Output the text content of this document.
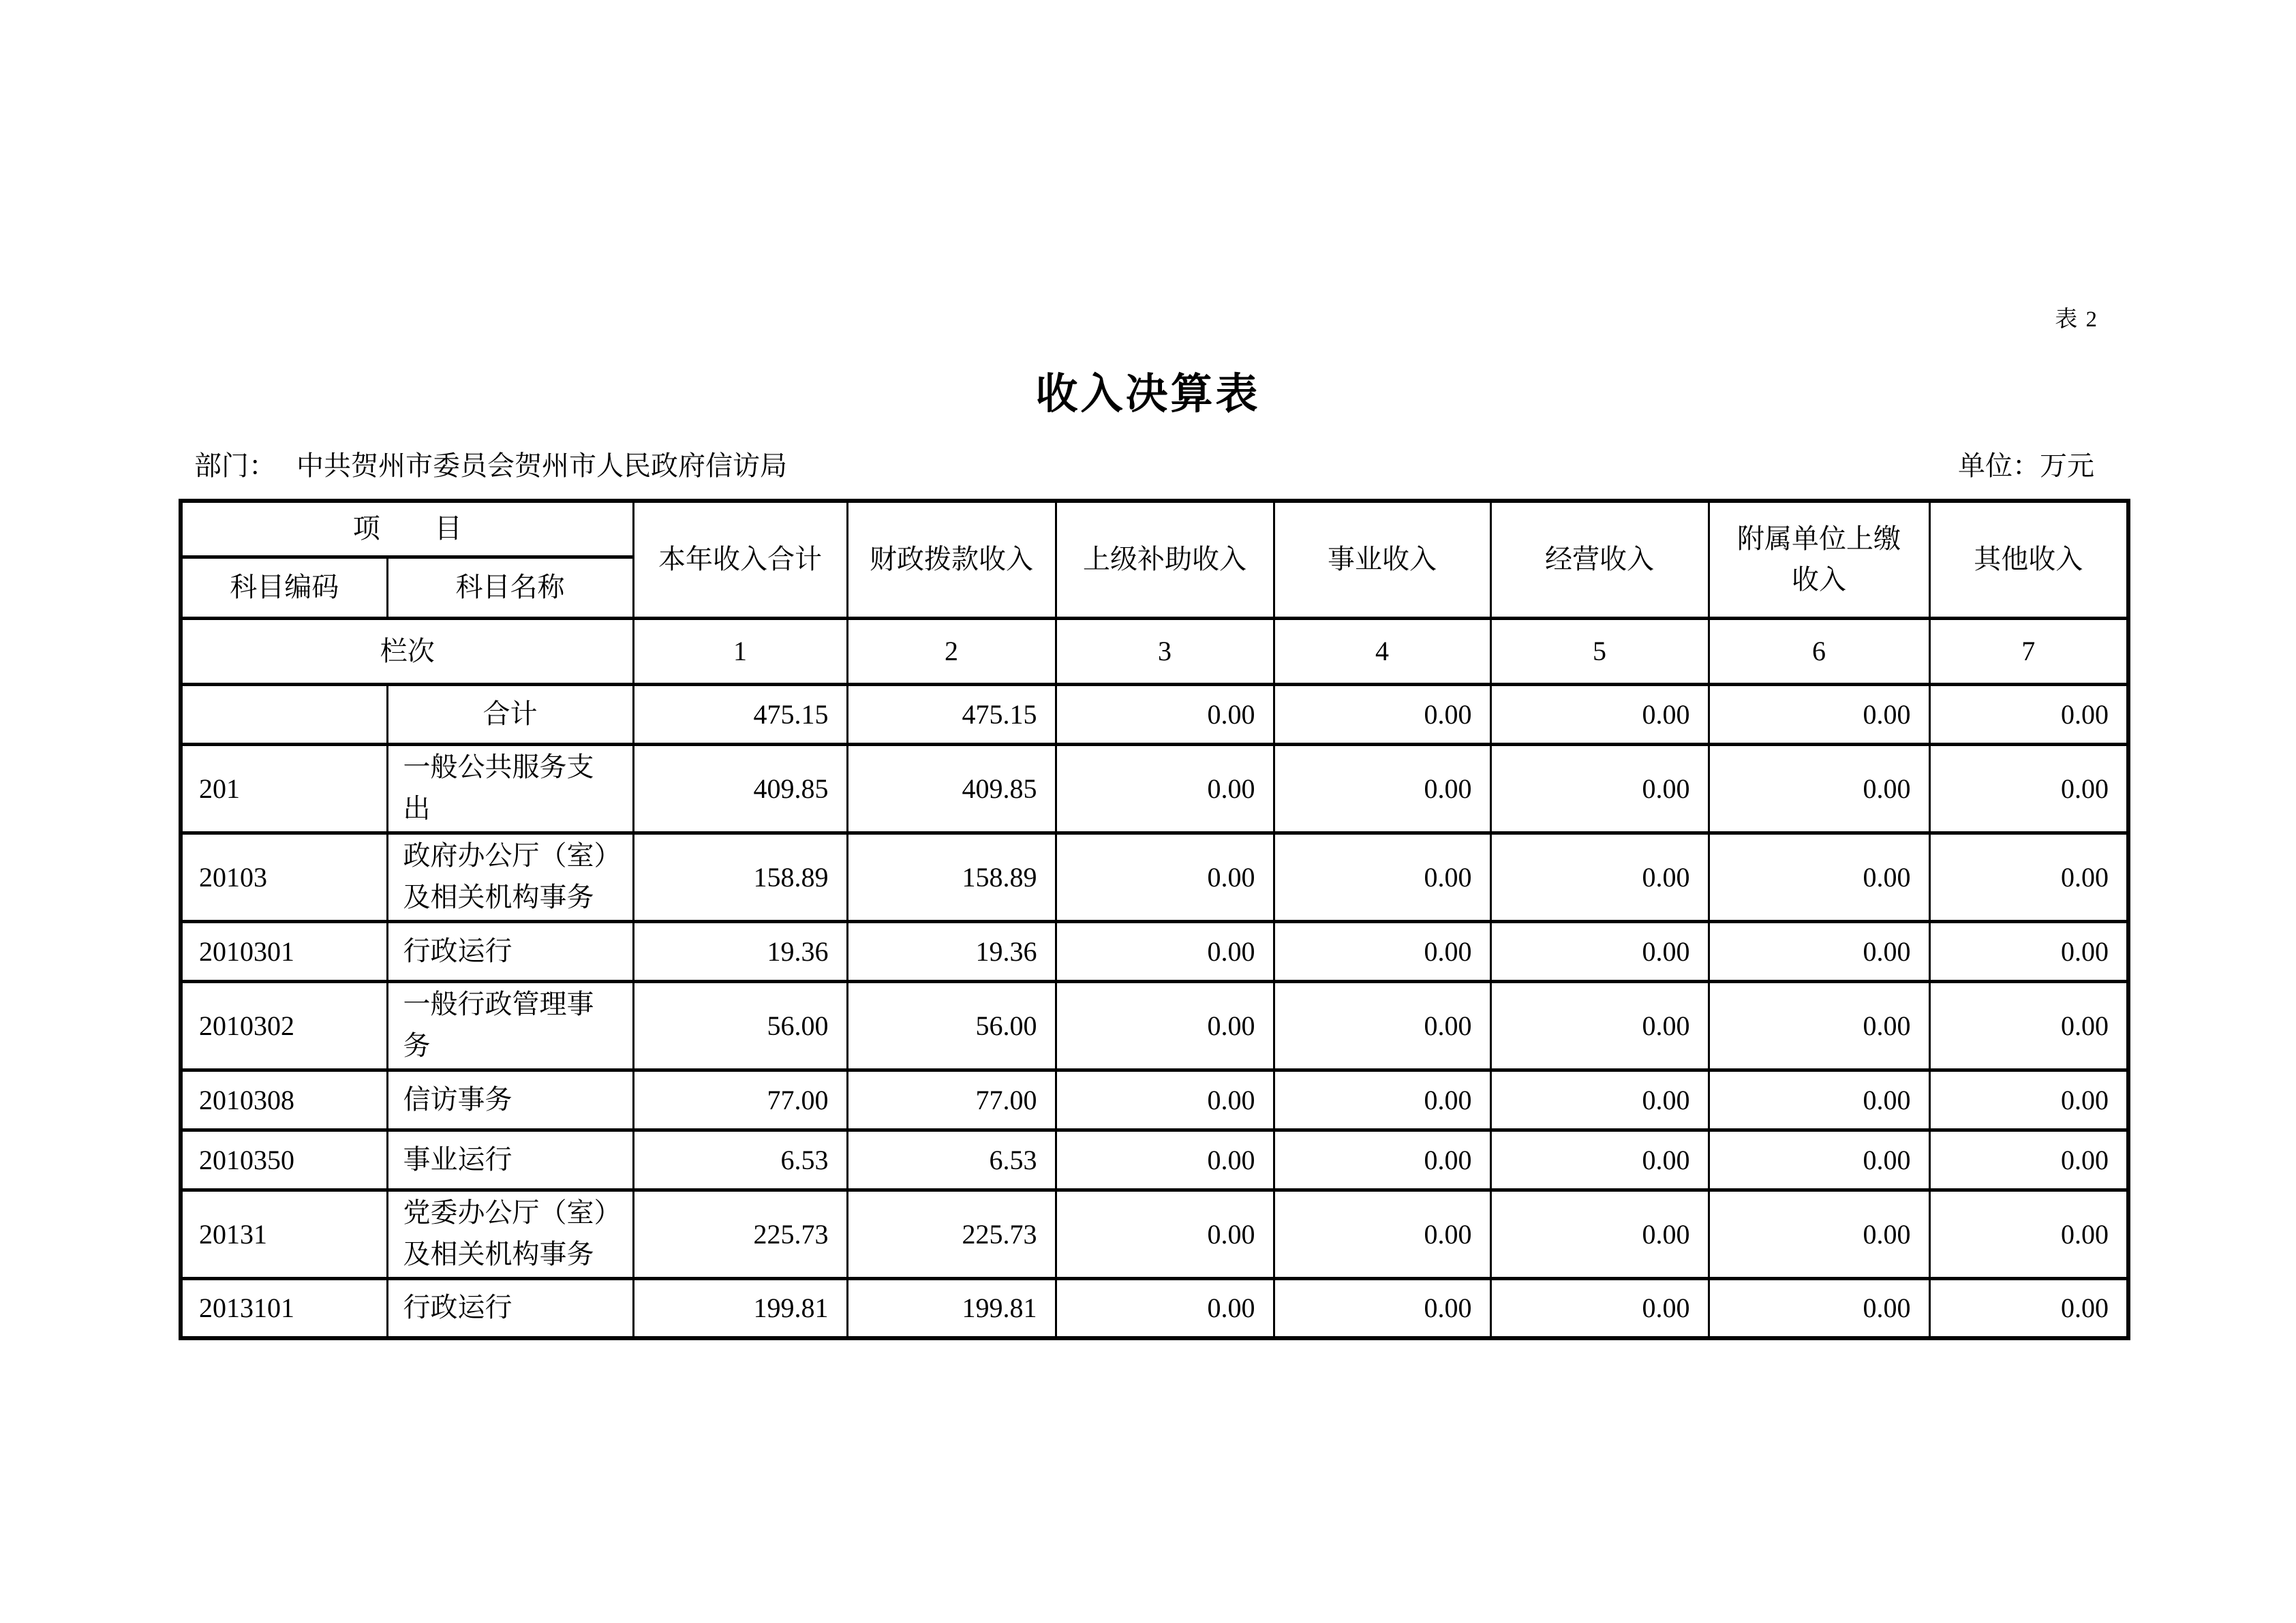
表 2
收入决算表
部门： 中共贺州市委员会贺州市人民政府信访局	单位：万元
项　　目		本年收入合计	财政拨款收入	上级补助收入	事业收入	经营收入	附属单位上缴收入	其他收入
科目编码	科目名称							
栏次		1	2	3	4	5	6	7
	合计	475.15	475.15	0.00	0.00	0.00	0.00	0.00
201	一般公共服务支出	409.85	409.85	0.00	0.00	0.00	0.00	0.00
20103	政府办公厅（室）及相关机构事务	158.89	158.89	0.00	0.00	0.00	0.00	0.00
2010301	行政运行	19.36	19.36	0.00	0.00	0.00	0.00	0.00
2010302	一般行政管理事务	56.00	56.00	0.00	0.00	0.00	0.00	0.00
2010308	信访事务	77.00	77.00	0.00	0.00	0.00	0.00	0.00
2010350	事业运行	6.53	6.53	0.00	0.00	0.00	0.00	0.00
20131	党委办公厅（室）及相关机构事务	225.73	225.73	0.00	0.00	0.00	0.00	0.00
2013101	行政运行	199.81	199.81	0.00	0.00	0.00	0.00	0.00
